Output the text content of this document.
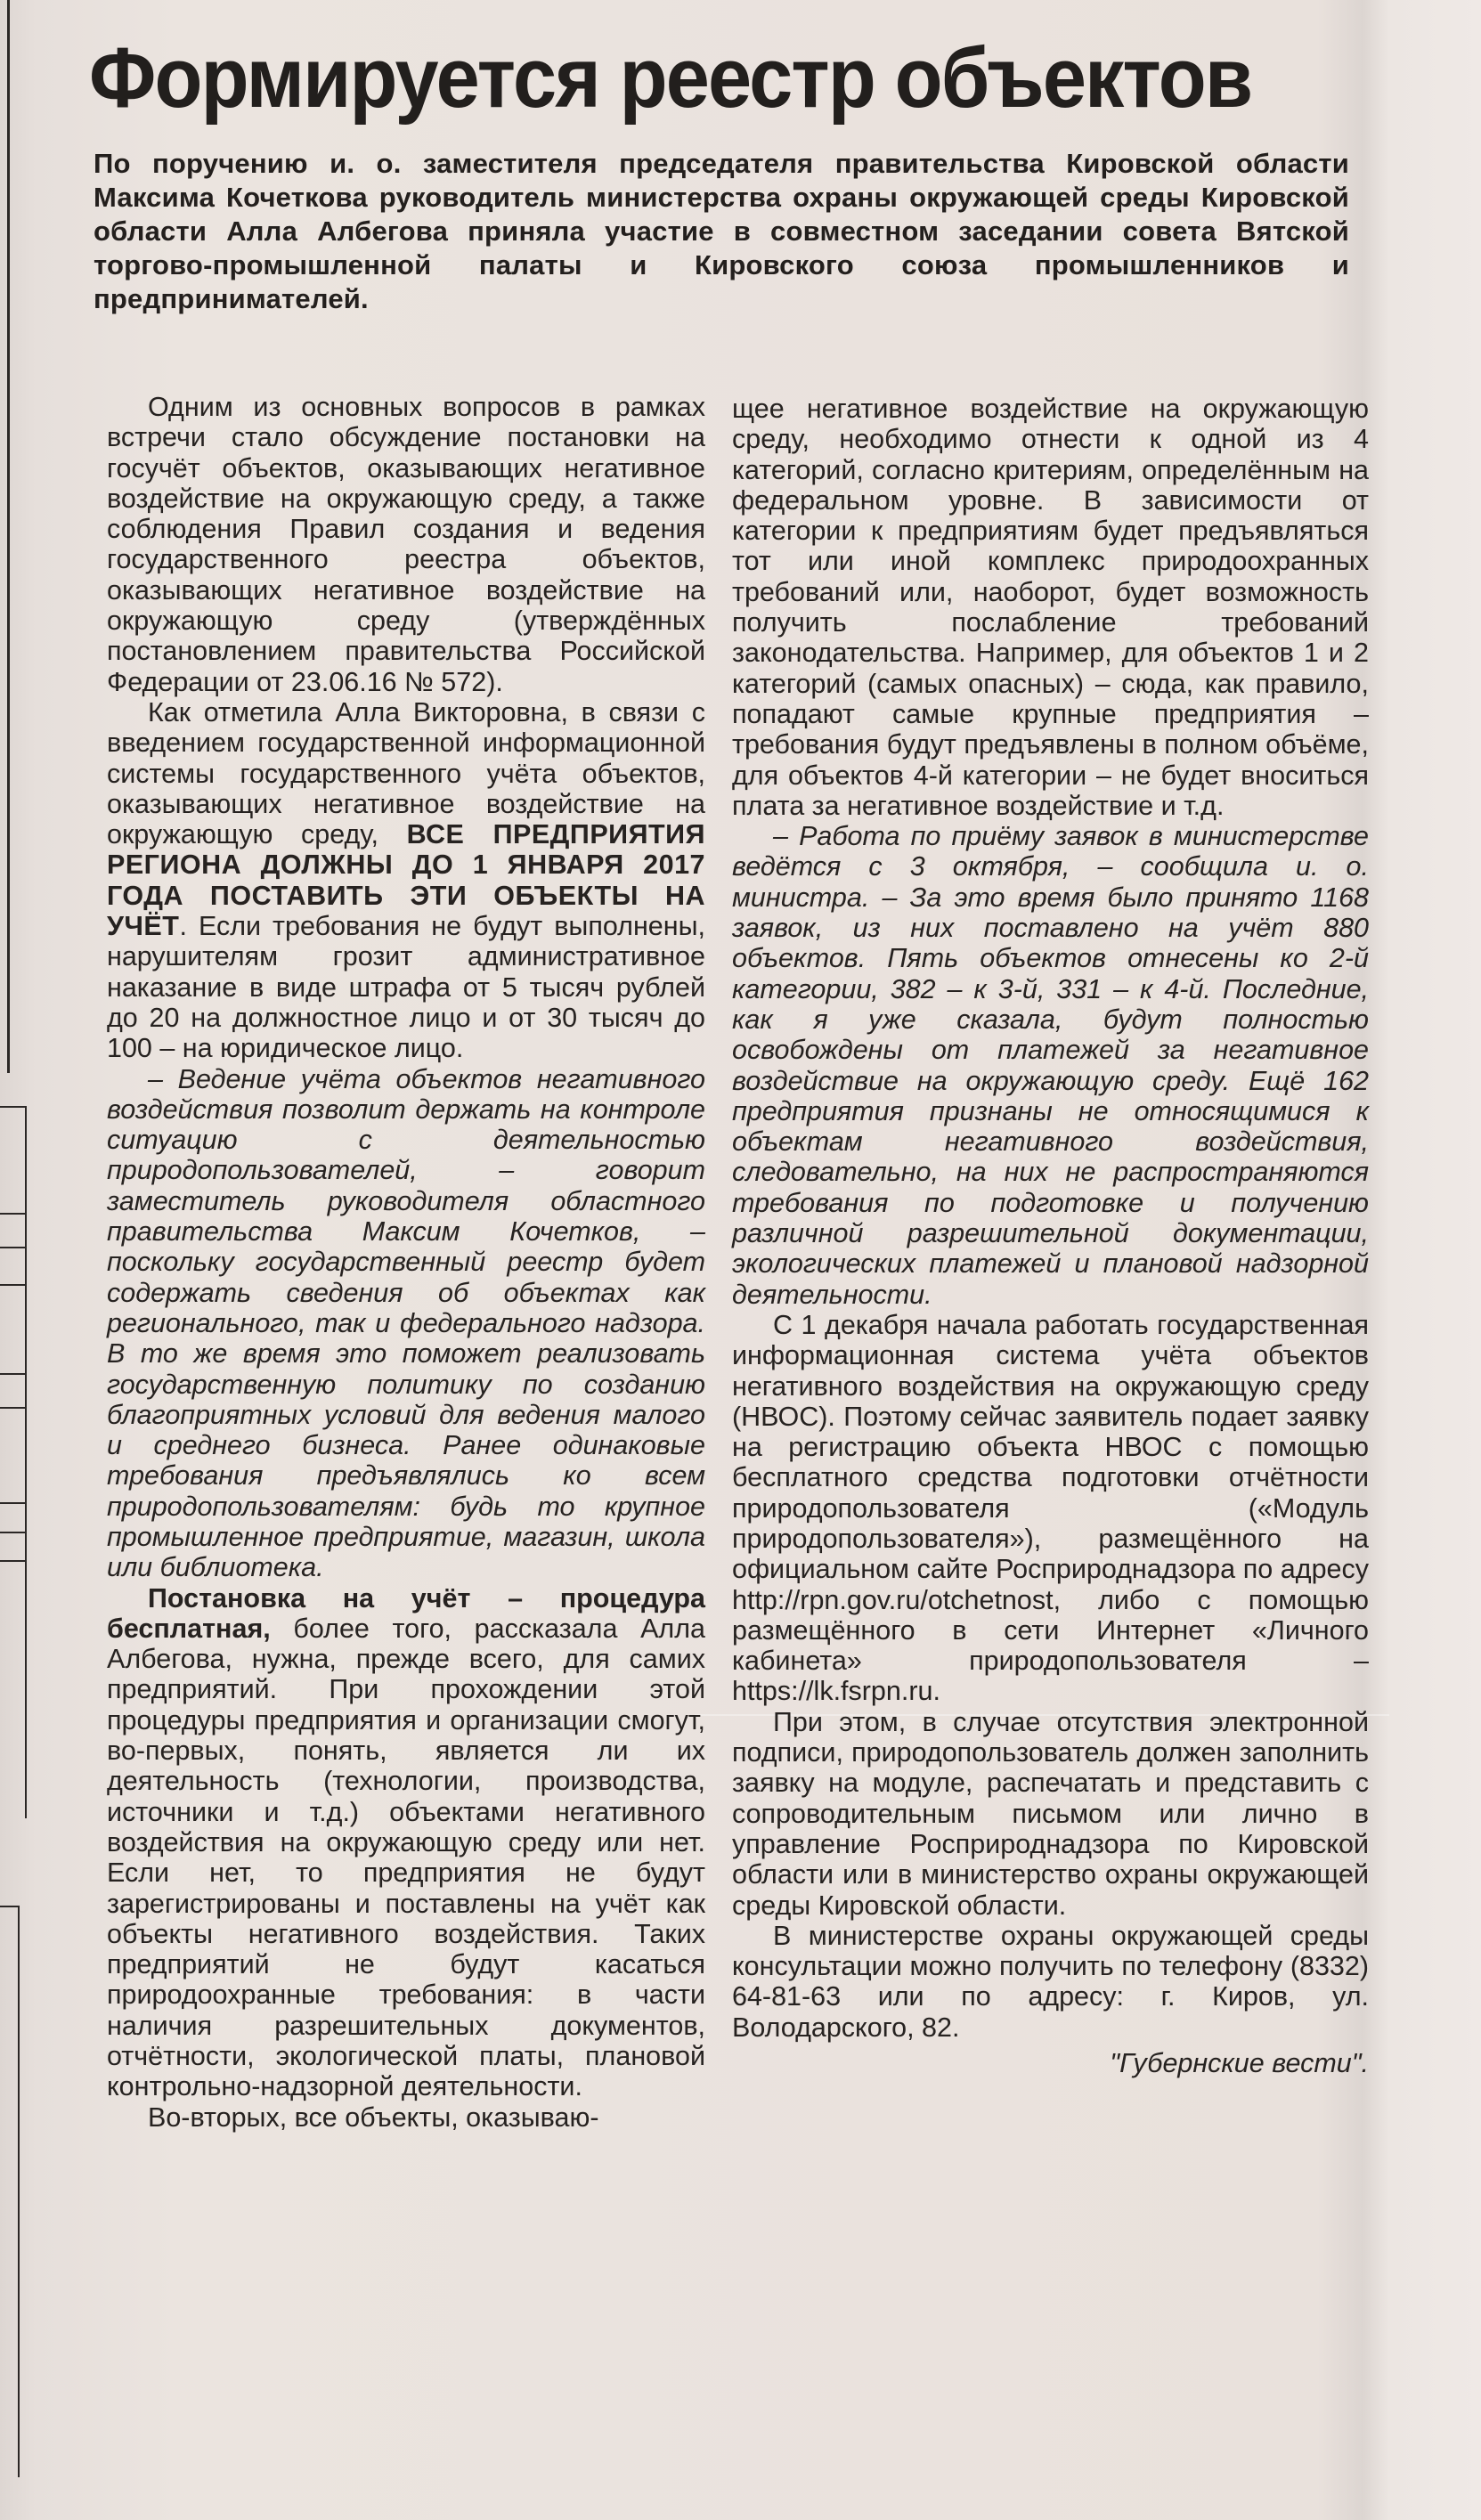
Формируется реестр объектов

По поручению и. о. заместителя председателя правительства Кировской области Максима Кочеткова руководитель министерства охраны окружающей среды Кировской области Алла Албегова приняла участие в совместном заседании совета Вятской торгово-промышленной палаты и Кировского союза промышленников и предпринимателей.

Одним из основных вопросов в рамках встречи стало обсуждение постановки на госучёт объектов, оказывающих негативное воздействие на окружающую среду, а также соблюдения Правил создания и ведения государственного реестра объектов, оказывающих негативное воздействие на окружающую среду (утверждённых постановлением правительства Российской Федерации от 23.06.16 № 572).

Как отметила Алла Викторовна, в связи с введением государственной информационной системы государственного учёта объектов, оказывающих негативное воздействие на окружающую среду, ВСЕ ПРЕДПРИЯТИЯ РЕГИОНА ДОЛЖНЫ ДО 1 ЯНВАРЯ 2017 ГОДА ПОСТАВИТЬ ЭТИ ОБЪЕКТЫ НА УЧЁТ. Если требования не будут выполнены, нарушителям грозит административное наказание в виде штрафа от 5 тысяч рублей до 20 на должностное лицо и от 30 тысяч до 100 – на юридическое лицо.

– Ведение учёта объектов негативного воздействия позволит держать на контроле ситуацию с деятельностью природопользователей, – говорит заместитель руководителя областного правительства Максим Кочетков, – поскольку государственный реестр будет содержать сведения об объектах как регионального, так и федерального надзора. В то же время это поможет реализовать государственную политику по созданию благоприятных условий для ведения малого и среднего бизнеса. Ранее одинаковые требования предъявлялись ко всем природопользователям: будь то крупное промышленное предприятие, магазин, школа или библиотека.

Постановка на учёт – процедура бесплатная, более того, рассказала Алла Албегова, нужна, прежде всего, для самих предприятий. При прохождении этой процедуры предприятия и организации смогут, во-первых, понять, является ли их деятельность (технологии, производства, источники и т.д.) объектами негативного воздействия на окружающую среду или нет. Если нет, то предприятия не будут зарегистрированы и поставлены на учёт как объекты негативного воздействия. Таких предприятий не будут касаться природоохранные требования: в части наличия разрешительных документов, отчётности, экологической платы, плановой контрольно-надзорной деятельности.

Во-вторых, все объекты, оказываю-

щее негативное воздействие на окружающую среду, необходимо отнести к одной из 4 категорий, согласно критериям, определённым на федеральном уровне. В зависимости от категории к предприятиям будет предъявляться тот или иной комплекс природоохранных требований или, наоборот, будет возможность получить послабление требований законодательства. Например, для объектов 1 и 2 категорий (самых опасных) – сюда, как правило, попадают самые крупные предприятия – требования будут предъявлены в полном объёме, для объектов 4-й категории – не будет вноситься плата за негативное воздействие и т.д.

– Работа по приёму заявок в министерстве ведётся с 3 октября, – сообщила и. о. министра. – За это время было принято 1168 заявок, из них поставлено на учёт 880 объектов. Пять объектов отнесены ко 2-й категории, 382 – к 3-й, 331 – к 4-й. Последние, как я уже сказала, будут полностью освобождены от платежей за негативное воздействие на окружающую среду. Ещё 162 предприятия признаны не относящимися к объектам негативного воздействия, следовательно, на них не распространяются требования по подготовке и получению различной разрешительной документации, экологических платежей и плановой надзорной деятельности.

С 1 декабря начала работать государственная информационная система учёта объектов негативного воздействия на окружающую среду (НВОС). Поэтому сейчас заявитель подает заявку на регистрацию объекта НВОС с помощью бесплатного средства подготовки отчётности природопользователя («Модуль природопользователя»), размещённого на официальном сайте Росприроднадзора по адресу http://rpn.gov.ru/otchetnost, либо с помощью размещённого в сети Интернет «Личного кабинета» природопользователя – https://lk.fsrpn.ru.

При этом, в случае отсутствия электронной подписи, природопользователь должен заполнить заявку на модуле, распечатать и представить с сопроводительным письмом или лично в управление Росприроднадзора по Кировской области или в министерство охраны окружающей среды Кировской области.

В министерстве охраны окружающей среды консультации можно получить по телефону (8332) 64-81-63 или по адресу: г. Киров, ул. Володарского, 82.

"Губернские вести".
